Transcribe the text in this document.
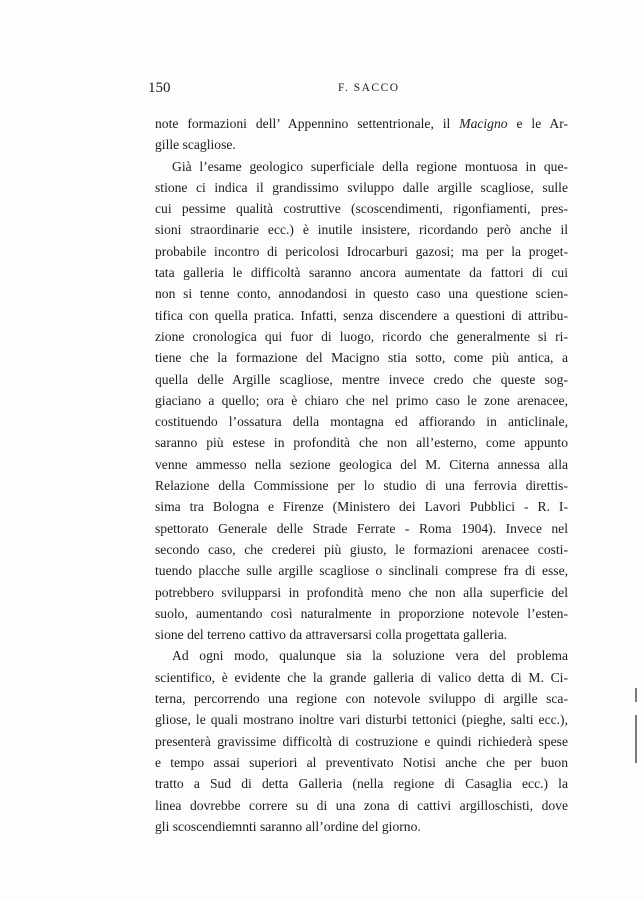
150	F. SACCO
note formazioni dell’ Appennino settentrionale, il Macigno e le Ar-
gille scagliose.
Già l’esame geologico superficiale della regione montuosa in que-
stione ci indica il grandissimo sviluppo dalle argille scagliose, sulle
cui pessime qualità costruttive (scoscendimenti, rigonfiamenti, pres-
sioni straordinarie ecc.) è inutile insistere, ricordando però anche il
probabile incontro di pericolosi Idrocarburi gazosi; ma per la proget-
tata galleria le difficoltà saranno ancora aumentate da fattori di cui
non si tenne conto, annodandosi in questo caso una questione scien-
tifica con quella pratica. Infatti, senza discendere a questioni di attribu-
zione cronologica qui fuor di luogo, ricordo che generalmente si ri-
tiene che la formazione del Macigno stia sotto, come più antica, a
quella delle Argille scagliose, mentre invece credo che queste sog-
giaciano a quello; ora è chiaro che nel primo caso le zone arenacee,
costituendo l’ossatura della montagna ed affiorando in anticlinale,
saranno più estese in profondità che non all’esterno, come appunto
venne ammesso nella sezione geologica del M. Citerna annessa alla
Relazione della Commissione per lo studio di una ferrovia direttis-
sima tra Bologna e Firenze (Ministero dei Lavori Pubblici - R. I-
spettorato Generale delle Strade Ferrate - Roma 1904). Invece nel
secondo caso, che crederei più giusto, le formazioni arenacee costi-
tuendo placche sulle argille scagliose o sinclinali comprese fra di esse,
potrebbero svilupparsi in profondità meno che non alla superficie del
suolo, aumentando così naturalmente in proporzione notevole l’esten-
sione del terreno cattivo da attraversarsi colla progettata galleria.
Ad ogni modo, qualunque sia la soluzione vera del problema
scientifico, è evidente che la grande galleria di valico detta di M. Ci-
terna, percorrendo una regione con notevole sviluppo di argille sca-
gliose, le quali mostrano inoltre vari disturbi tettonici (pieghe, salti ecc.),
presenterà gravissime difficoltà di costruzione e quindi richiederà spese
e tempo assai superiori al preventivato Notisi anche che per buon
tratto a Sud di detta Galleria (nella regione di Casaglia ecc.) la
linea dovrebbe correre su di una zona di cattivi argilloschisti, dove
gli scoscendiemnti saranno all’ordine del giorno.
